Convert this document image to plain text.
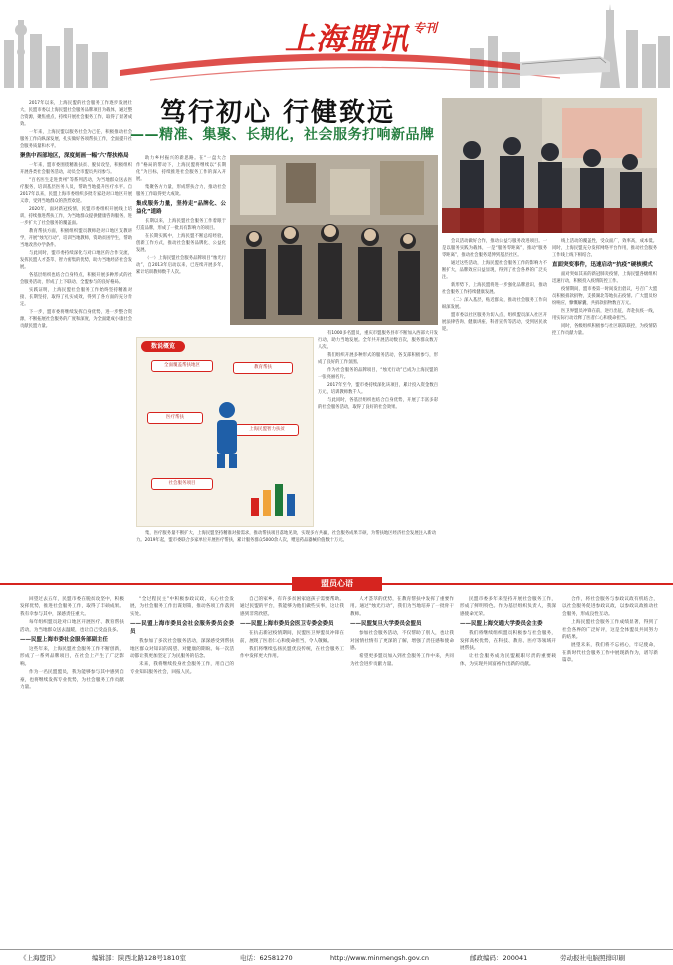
上海盟讯 专刊
笃行初心 行健致远
——精准、集聚、长期化，社会服务打响新品牌

2017年以来，上海民盟的社会服务工作逐步发展壮大，民盟市委以上海民盟社会服务品牌项目为载体，通过整合资源，聚焦重点，持续开展社会服务工作，取得了显著成效。

一年来，上海民盟以服务社会为己任，积极推动社会服务工作向纵深发展，扎实做好各项帮扶工作，全面提升社会服务质量和水平。

聚焦中西部地区，深度刻画一幅‘六’帮扶格局

一年来，盟市委围绕精准扶贫、脱贫攻坚，积极组织开展各类社会服务活动，动员全市盟员共同参与。

“百名医生走进贵州”等系列活动，为当地群众送去医疗服务，培训基层医务人员，帮助当地提升医疗水平。自2017年以来，民盟上海市委组织多批专家赴对口地区开展义诊，受到当地群众的热烈欢迎。

2020年，面对新冠疫情，民盟市委组织开展线上培训，持续推进帮扶工作，为当地群众提供健康咨询服务，进一步扩大了社会服务的覆盖面。

教育帮扶方面，积极组织盟员教师赴对口地区支教讲学，开展“烛光行动”，培训当地教师，资助贫困学生，帮助当地改善办学条件。

与此同时，盟市委持续深化与对口地区的合作交流，发挥民盟人才荟萃、智力密集的优势，助力当地经济社会发展。

各基层组织也结合自身特点，积极开展多种形式的社会服务活动，形成了上下联动、全盟参与的良好格局。

实践证明，上海民盟社会服务工作始终坚持精准对接、长期坚持，取得了扎实成效，得到了各方面的充分肯定。

下一步，盟市委将继续发挥自身优势，进一步整合资源，不断拓展社会服务的广度和深度，为全面建成小康社会贡献民盟力量。

助力乡村振兴的新思路。在“一盘大合作”格局的带动下，上海民盟将继续以“长期化”为目标，持续推进社会服务工作的深入开展。

集聚各方力量，形成帮扶合力，推动社会服务工作取得更大成效。

集成服务力量，坚持走“品牌化、公益化”道路

长期以来，上海民盟社会服务工作着眼于打造品牌，形成了一批具有影响力的项目。

在长期实践中，上海民盟不断总结经验，创新工作方式，推动社会服务品牌化、公益化发展。

（一）上海民盟社会服务品牌项目“烛光行动”，自2013年启动以来，已连续开展多年，累计培训教师数千人次。

线上活动的覆盖性，受众面广，效率高，成本低。同时，上海民盟充分发挥网络平台作用，推动社会服务工作线上线下相结合。

直面突变事件，迅速启动“抗疫”硬核模式

面对突如其来的新冠肺炎疫情，上海民盟各级组织迅速行动，积极投入疫情防控工作。

疫情期间，盟市委第一时间发出倡议，号召广大盟员积极捐款捐物，支援湖北等地抗击疫情。广大盟员纷纷响应，慷慨解囊，共捐款捐物数百万元。

医卫界盟员冲锋在前，逆行出征，奔赴抗疫一线，用实际行动诠释了医者仁心和使命担当。

同时，各级组织积极参与社区联防联控，为疫情防控工作贡献力量。

会议活动做好合作，推动公益与服务改进项目。一是以服务实践为载体，一是“服务零距离”，推动“服务零距离”，推动社会服务延伸到基层社区。

通过这些活动，上海民盟社会服务工作的影响力不断扩大，品牌效应日益显现，得到了社会各界的广泛关注。

新形势下，上海民盟将进一步强化品牌意识，推动社会服务工作持续健康发展。

（二）深入基层，贴近群众，推动社会服务工作向纵深发展。

盟市委以社区服务为切入点，组织盟员深入社区开展法律咨询、健康讲座、科普宣传等活动，受到居民欢迎。

有1000多名盟员，重庆市盟服务县市不断加入西部大开发行动，助力当地发展。全年共开展活动数百次，服务群众数万人次。

我们组织开展多种形式的服务活动，各支部积极参与，形成了良好的工作氛围。

作为社会服务的品牌项目，“烛光行动”已成为上海民盟的一张亮丽名片。

2017年至今，盟市委持续深化该项目，累计投入资金数百万元，培训教师数千人。

与此同时，各基层组织也结合自身优势，开展了丰富多彩的社会服务活动，取得了良好的社会效果。

数说概览
全面覆盖帮扶地区	教育帮扶
医疗帮扶
上海民盟智力扶贫
社会服务项目

集，医疗服务量不断扩大，上海民盟坚持精准对接需求，推动帮扶项目落地见效，实现多方共赢，社会服务成果丰硕，为帮扶地区经济社会发展注入新动力。2019年起，盟市委联合多家单位开展医疗帮扶，累计服务群众5000余人次，赠送药品器械价值数十万元。

盟员心语

回望过去五年，民盟市委在脱贫攻坚中，积极发挥优势，推进社会服务工作，取得了丰硕成果。我有幸参与其中，深感责任重大。

每年组织盟员赴对口地区开展医疗、教育帮扶活动，为当地群众送去温暖，也让自己受益良多。

——民盟上海市委社会服务部副主任

这些年来，上海民盟社会服务工作不断创新，形成了一系列品牌项目，在社会上产生了广泛影响。

作为一名民盟盟员，我为能够参与其中感到自豪，也将继续发挥专业优势，为社会服务工作贡献力量。

“全过程民主”中积极参政议政，关心社会发展，为社会服务工作出谋划策，推动各项工作落到实处。

——民盟上海市委员会社会服务委员会委员

我参加了多次社会服务活动，深深感受到帮扶地区群众对知识的渴望、对健康的期盼。每一次活动都让我更加坚定了为民服务的信念。

未来，我将继续投身社会服务工作，用自己的专业知识服务社会，回报人民。

自己的家乡，有许多贫困家庭孩子需要帮助。通过民盟的平台，我能够为他们做些实事，这让我感到非常欣慰。

——民盟上海市委员会医卫专委会委员

在抗击新冠疫情期间，民盟医卫界盟员冲锋在前，展现了医者仁心和使命担当，令人敬佩。

我们将继续弘扬民盟优良传统，在社会服务工作中发挥更大作用。

人才荟萃的优势，在教育帮扶中发挥了重要作用。通过“烛光行动”，我们为当地培养了一批骨干教师。

——民盟复旦大学委员会盟员

参加社会服务活动，不仅帮助了别人，也让我对国情社情有了更深的了解，增强了责任感和使命感。

希望更多盟员加入到社会服务工作中来，共同为社会进步贡献力量。

民盟市委多年来坚持开展社会服务工作，形成了鲜明特色。作为基层组织负责人，我深感使命光荣。

——民盟上海交通大学委员会主委

我们将继续组织盟员积极参与社会服务，发挥高校优势，在科技、教育、医疗等领域开展帮扶。

让社会服务成为民盟履职尽责的重要载体，为实现共同富裕作出新的贡献。

合作，将社会服务与参政议政有机结合，以社会服务促进参政议政，以参政议政推动社会服务，形成良性互动。

上海民盟社会服务工作成绩显著，得到了社会各界的广泛好评，这是全体盟员共同努力的结果。

展望未来，我们将不忘初心，牢记使命，在新时代社会服务工作中展现新作为，谱写新篇章。

《上海盟讯》	编辑部：陕西北路128号1810室	电话：62581270	http://www.minmengsh.gov.cn	邮政编码：200041	劳动报社电脑照排印刷
